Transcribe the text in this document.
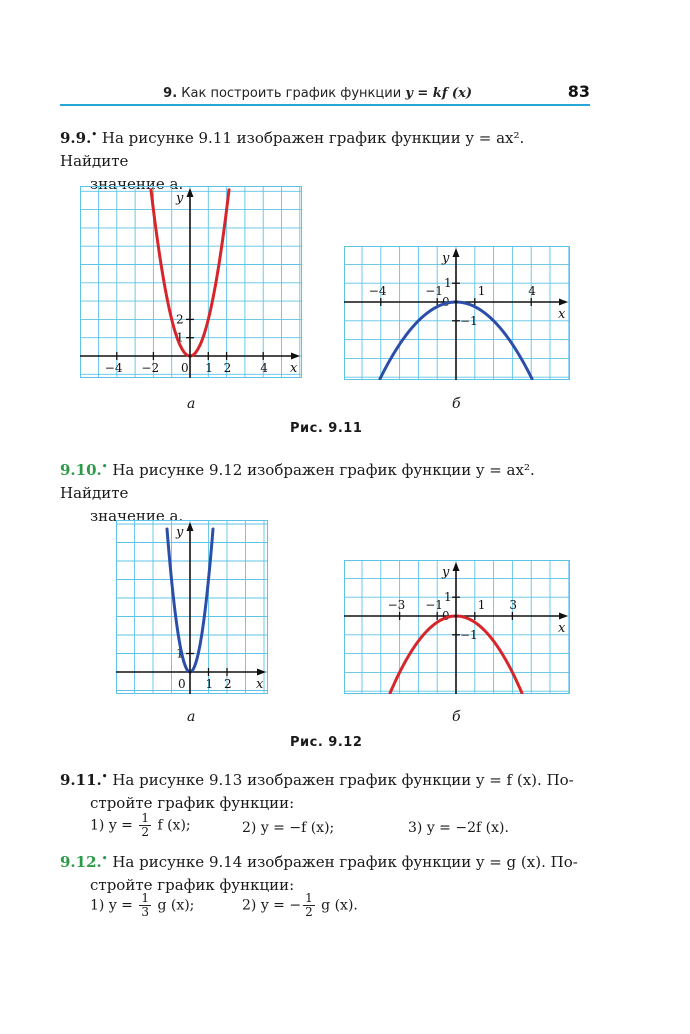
9. Как построить график функции y = kf (x)	83
9.9.• На рисунке 9.11 изображен график функции y = ax². Найдите
значение a.
x
y
−4 −2 0 1 2 4
1
2
а
x
y
−4	−1	1	4
1
0
−1
б
Рис. 9.11
9.10.• На рисунке 9.12 изображен график функции y = ax². Найдите
значение a.
x
y
0 1 2
1
а
x
y
−3 −1	1 3
1
0
−1
б
Рис. 9.12
9.11.• На рисунке 9.13 изображен график функции y = f (x). По-
стройте график функции:
1) $y = \frac{1}{2}$ f (x);	2) y = −f (x);	3) y = −2f (x).
9.12.• На рисунке 9.14 изображен график функции y = g (x). По-
стройте график функции:
1) $y = \frac{1}{3}$ g (x);	2) y = − $\frac{1}{2}$ g (x).
